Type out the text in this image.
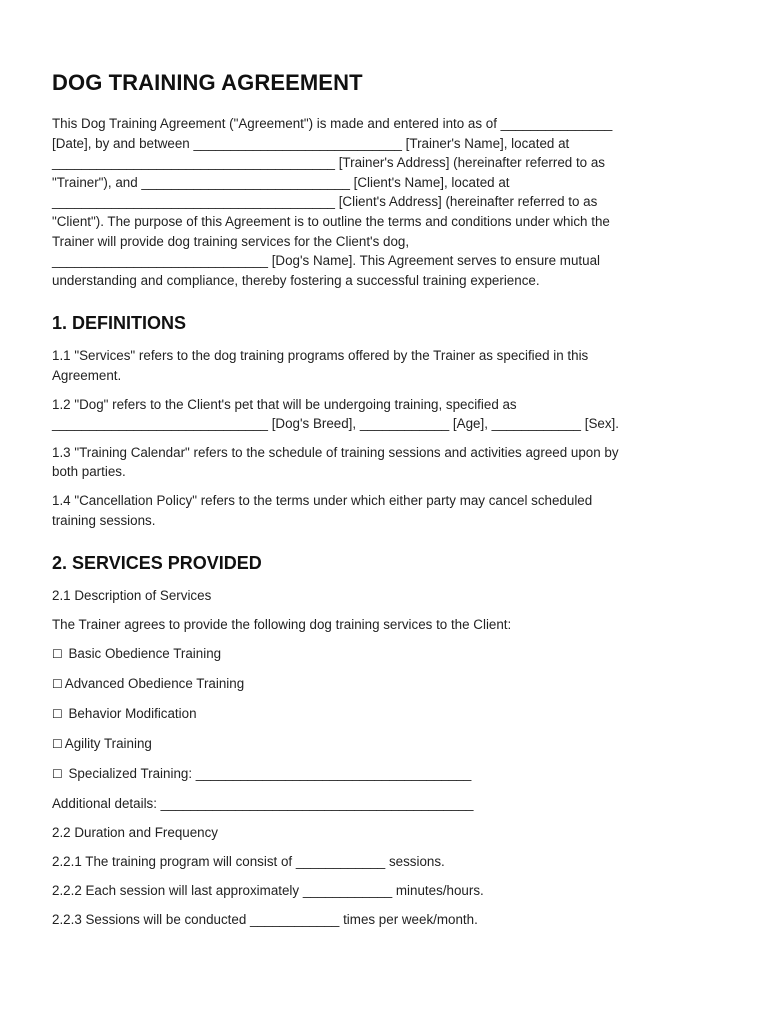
DOG TRAINING AGREEMENT

This Dog Training Agreement ("Agreement") is made and entered into as of _______________

[Date], by and between ____________________________ [Trainer's Name], located at

______________________________________ [Trainer's Address] (hereinafter referred to as

"Trainer"), and ____________________________ [Client's Name], located at

______________________________________ [Client's Address] (hereinafter referred to as

"Client"). The purpose of this Agreement is to outline the terms and conditions under which the

Trainer will provide dog training services for the Client's dog,

_____________________________ [Dog's Name]. This Agreement serves to ensure mutual

understanding and compliance, thereby fostering a successful training experience.

1. DEFINITIONS
1.1 "Services" refers to the dog training programs offered by the Trainer as specified in this
Agreement.
1.2 "Dog" refers to the Client's pet that will be undergoing training, specified as
_____________________________ [Dog's Breed], ____________ [Age], ____________ [Sex].
1.3 "Training Calendar" refers to the schedule of training sessions and activities agreed upon by
both parties.
1.4 "Cancellation Policy" refers to the terms under which either party may cancel scheduled
training sessions.
2. SERVICES PROVIDED

2.1 Description of Services

The Trainer agrees to provide the following dog training services to the Client:

☐ Basic Obedience Training

☐ Advanced Obedience Training

☐ Behavior Modification

☐ Agility Training

☐ Specialized Training: _____________________________________

Additional details: __________________________________________

2.2 Duration and Frequency

2.2.1 The training program will consist of ____________ sessions.

2.2.2 Each session will last approximately ____________ minutes/hours.

2.2.3 Sessions will be conducted ____________ times per week/month.
